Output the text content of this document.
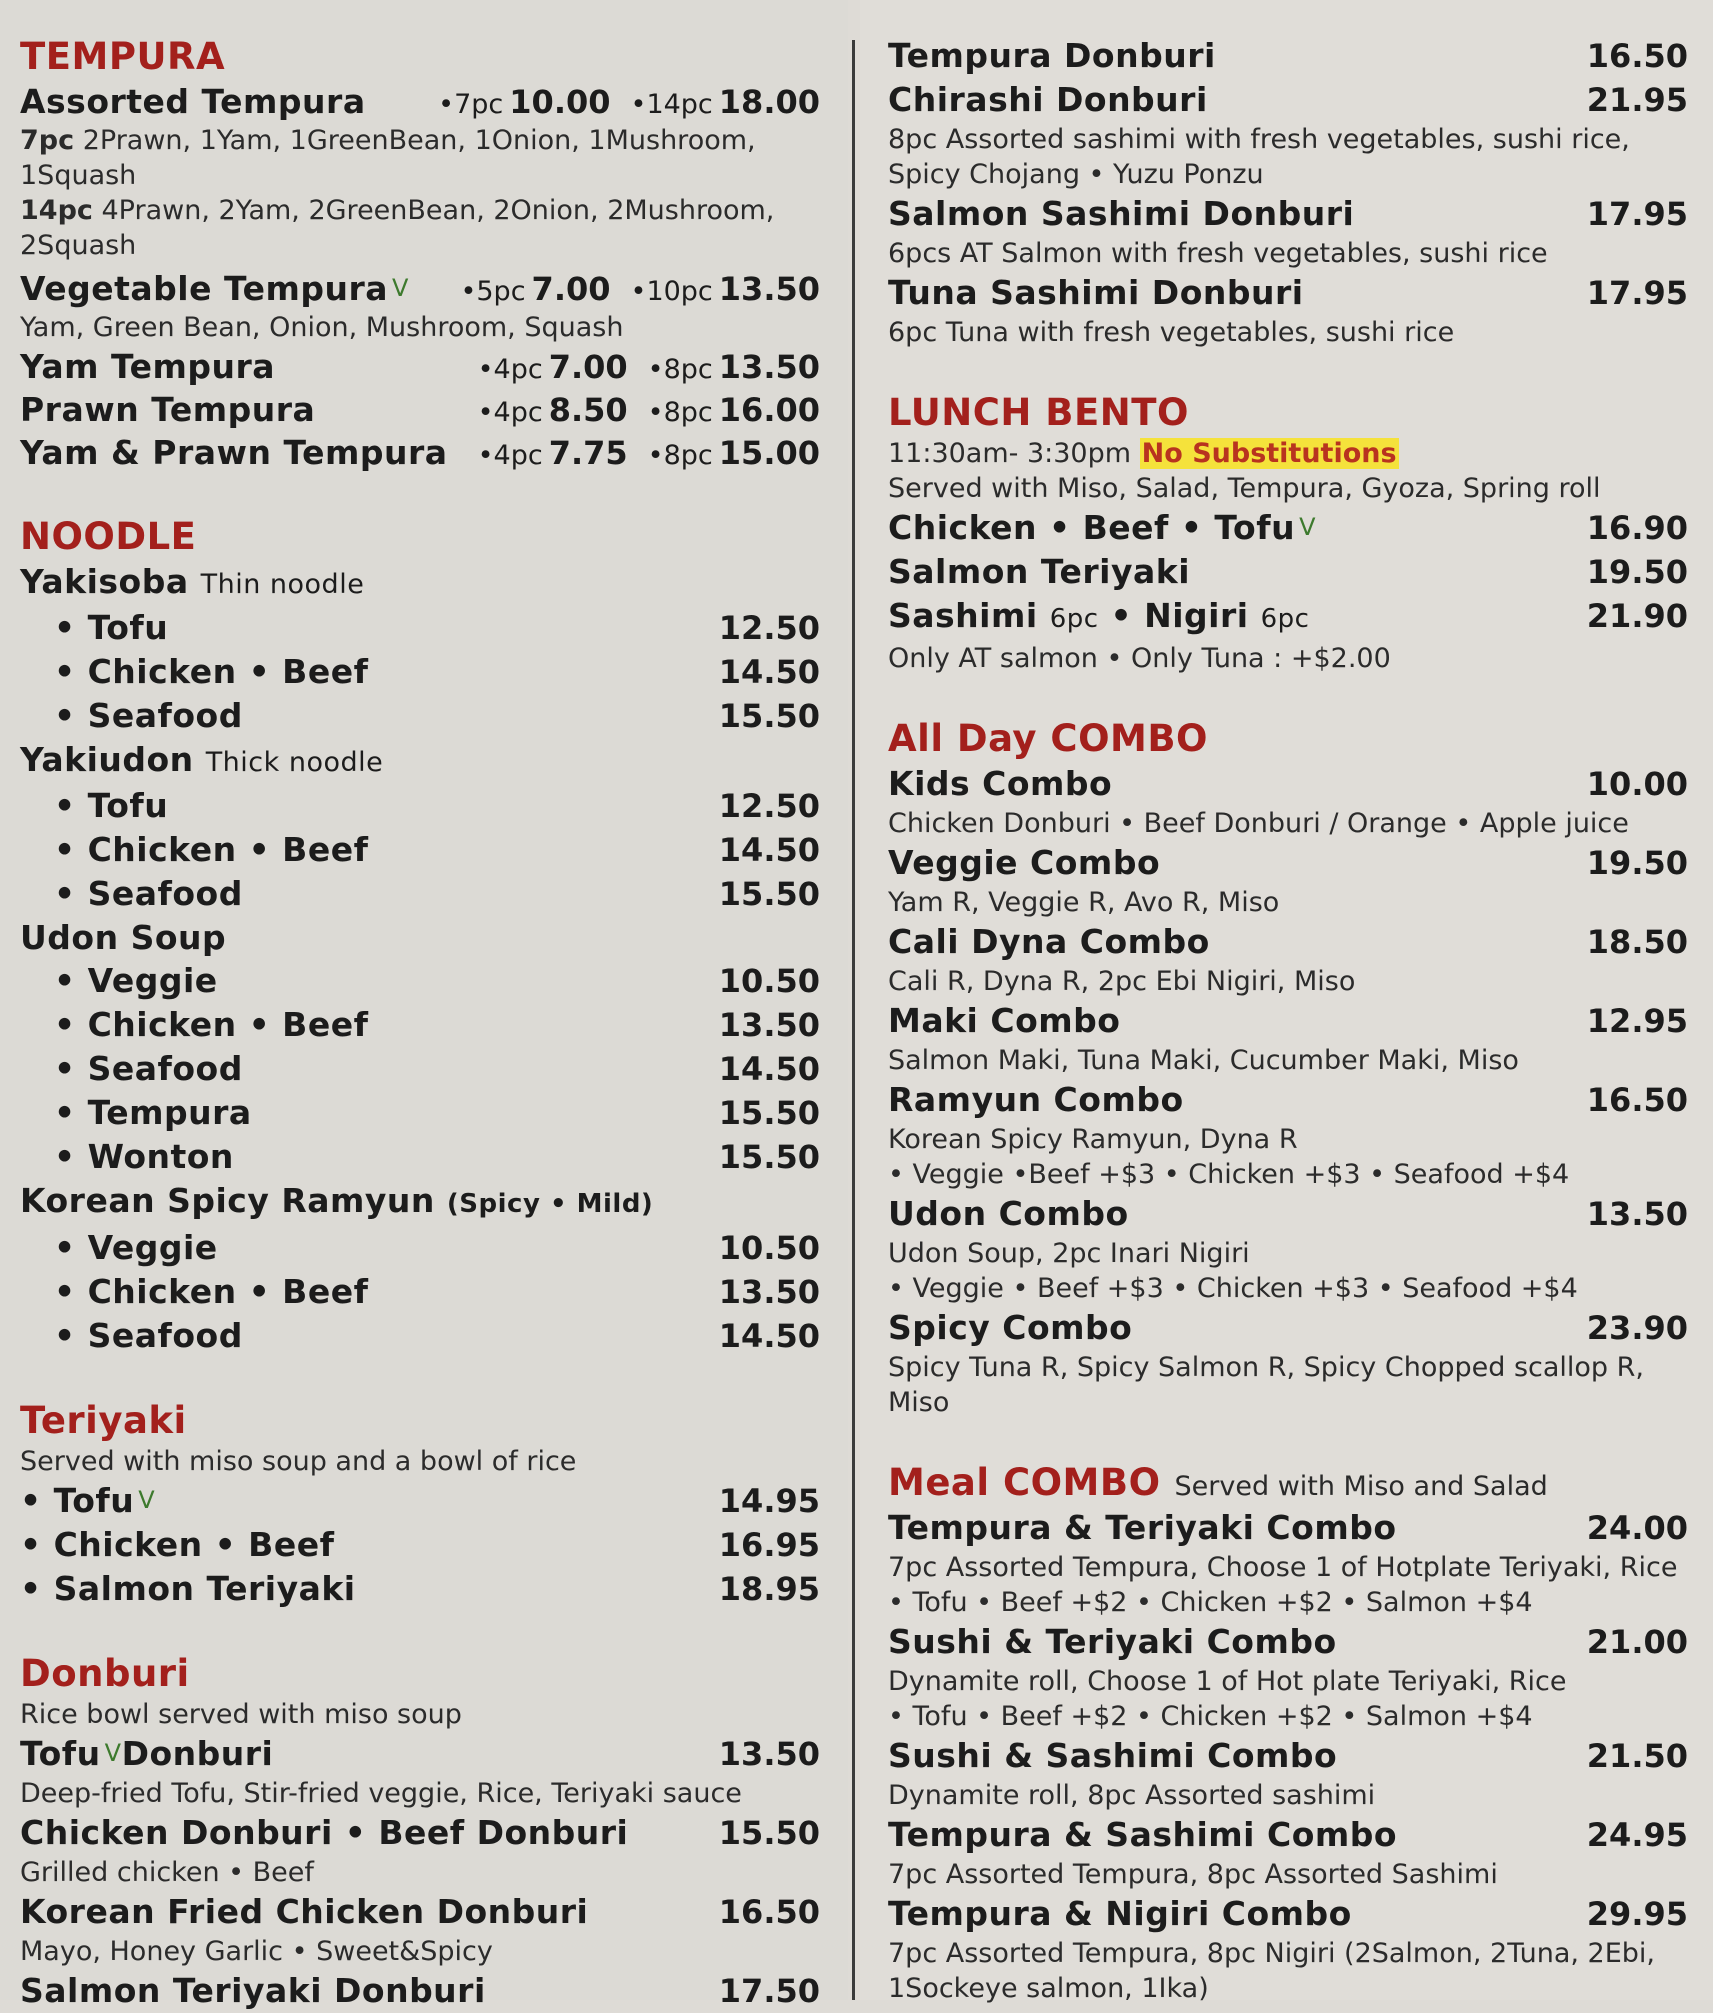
TEMPURA
Assorted Tempura	• 7pc 10.00	• 14pc 18.00
7pc 2Prawn, 1Yam, 1GreenBean, 1Onion, 1Mushroom, 1Squash
14pc 4Prawn, 2Yam, 2GreenBean, 2Onion, 2Mushroom, 2Squash
Vegetable Tempura $^V$	• 5pc 7.00	• 10pc 13.50
Yam, Green Bean, Onion, Mushroom, Squash
Yam Tempura	• 4pc 7.00	• 8pc 13.50
Prawn Tempura	• 4pc 8.50	• 8pc 16.00
Yam & Prawn Tempura	• 4pc 7.75	• 8pc 15.00
NOODLE
Yakisoba Thin noodle
• Tofu	12.50
• Chicken • Beef	14.50
• Seafood	15.50
Yakiudon Thick noodle
• Tofu	12.50
• Chicken • Beef	14.50
• Seafood	15.50
Udon Soup
• Veggie	10.50
• Chicken • Beef	13.50
• Seafood	14.50
• Tempura	15.50
• Wonton	15.50
Korean Spicy Ramyun (Spicy • Mild)
• Veggie	10.50
• Chicken • Beef	13.50
• Seafood	14.50
Teriyaki
Served with miso soup and a bowl of rice
• Tofu $^V$	14.95
• Chicken • Beef	16.95
• Salmon Teriyaki	18.95
Donburi
Rice bowl served with miso soup
Tofu $^V$Donburi	13.50
Deep-fried Tofu, Stir-fried veggie, Rice, Teriyaki sauce
Chicken Donburi • Beef Donburi	15.50
Grilled chicken • Beef
Korean Fried Chicken Donburi	16.50
Mayo, Honey Garlic • Sweet&Spicy
Salmon Teriyaki Donburi	17.50
Tempura Donburi	16.50
Chirashi Donburi	21.95
8pc Assorted sashimi with fresh vegetables, sushi rice, Spicy Chojang • Yuzu Ponzu
Salmon Sashimi Donburi	17.95
6pcs AT Salmon with fresh vegetables, sushi rice
Tuna Sashimi Donburi	17.95
6pc Tuna with fresh vegetables, sushi rice
LUNCH BENTO
11:30am- 3:30pm No Substitutions
Served with Miso, Salad, Tempura, Gyoza, Spring roll
Chicken • Beef • Tofu $^V$	16.90
Salmon Teriyaki	19.50
Sashimi 6pc • Nigiri 6pc	21.90
Only AT salmon • Only Tuna : +$2.00
All Day COMBO
Kids Combo	10.00
Chicken Donburi • Beef Donburi / Orange • Apple juice
Veggie Combo	19.50
Yam R, Veggie R, Avo R, Miso
Cali Dyna Combo	18.50
Cali R, Dyna R, 2pc Ebi Nigiri, Miso
Maki Combo	12.95
Salmon Maki, Tuna Maki, Cucumber Maki, Miso
Ramyun Combo	16.50
Korean Spicy Ramyun, Dyna R
• Veggie •Beef +$3 • Chicken +$3 • Seafood +$4
Udon Combo	13.50
Udon Soup, 2pc Inari Nigiri
• Veggie • Beef +$3 • Chicken +$3 • Seafood +$4
Spicy Combo	23.90
Spicy Tuna R, Spicy Salmon R, Spicy Chopped scallop R, Miso
Meal COMBO Served with Miso and Salad
Tempura & Teriyaki Combo	24.00
7pc Assorted Tempura, Choose 1 of Hotplate Teriyaki, Rice
• Tofu • Beef +$2 • Chicken +$2 • Salmon +$4
Sushi & Teriyaki Combo	21.00
Dynamite roll, Choose 1 of Hot plate Teriyaki, Rice
• Tofu • Beef +$2 • Chicken +$2 • Salmon +$4
Sushi & Sashimi Combo	21.50
Dynamite roll, 8pc Assorted sashimi
Tempura & Sashimi Combo	24.95
7pc Assorted Tempura, 8pc Assorted Sashimi
Tempura & Nigiri Combo	29.95
7pc Assorted Tempura, 8pc Nigiri (2Salmon, 2Tuna, 2Ebi, 1Sockeye salmon, 1Ika)
